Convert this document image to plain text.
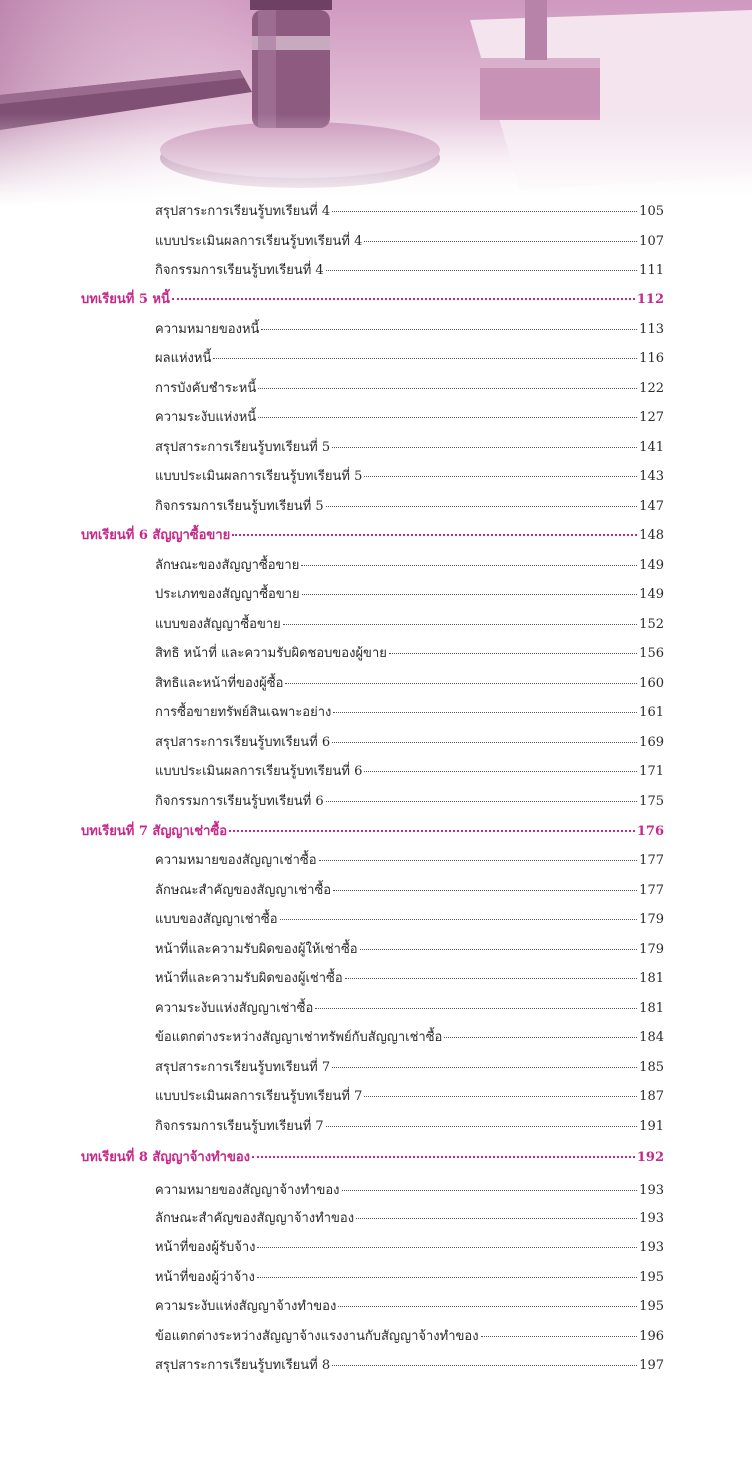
สรุปสาระการเรียนรู้บทเรียนที่ 4	105
แบบประเมินผลการเรียนรู้บทเรียนที่ 4	107
กิจกรรมการเรียนรู้บทเรียนที่ 4	111
บทเรียนที่ 5 หนี้	112
ความหมายของหนี้	113
ผลแห่งหนี้	116
การบังคับชำระหนี้	122
ความระงับแห่งหนี้	127
สรุปสาระการเรียนรู้บทเรียนที่ 5	141
แบบประเมินผลการเรียนรู้บทเรียนที่ 5	143
กิจกรรมการเรียนรู้บทเรียนที่ 5	147
บทเรียนที่ 6 สัญญาซื้อขาย	148
ลักษณะของสัญญาซื้อขาย	149
ประเภทของสัญญาซื้อขาย	149
แบบของสัญญาซื้อขาย	152
สิทธิ หน้าที่ และความรับผิดชอบของผู้ขาย	156
สิทธิและหน้าที่ของผู้ซื้อ	160
การซื้อขายทรัพย์สินเฉพาะอย่าง	161
สรุปสาระการเรียนรู้บทเรียนที่ 6	169
แบบประเมินผลการเรียนรู้บทเรียนที่ 6	171
กิจกรรมการเรียนรู้บทเรียนที่ 6	175
บทเรียนที่ 7 สัญญาเช่าซื้อ	176
ความหมายของสัญญาเช่าซื้อ	177
ลักษณะสำคัญของสัญญาเช่าซื้อ	177
แบบของสัญญาเช่าซื้อ	179
หน้าที่และความรับผิดของผู้ให้เช่าซื้อ	179
หน้าที่และความรับผิดของผู้เช่าซื้อ	181
ความระงับแห่งสัญญาเช่าซื้อ	181
ข้อแตกต่างระหว่างสัญญาเช่าทรัพย์กับสัญญาเช่าซื้อ	184
สรุปสาระการเรียนรู้บทเรียนที่ 7	185
แบบประเมินผลการเรียนรู้บทเรียนที่ 7	187
กิจกรรมการเรียนรู้บทเรียนที่ 7	191
บทเรียนที่ 8 สัญญาจ้างทำของ	192
ความหมายของสัญญาจ้างทำของ	193
ลักษณะสำคัญของสัญญาจ้างทำของ	193
หน้าที่ของผู้รับจ้าง	193
หน้าที่ของผู้ว่าจ้าง	195
ความระงับแห่งสัญญาจ้างทำของ	195
ข้อแตกต่างระหว่างสัญญาจ้างแรงงานกับสัญญาจ้างทำของ	196
สรุปสาระการเรียนรู้บทเรียนที่ 8	197
